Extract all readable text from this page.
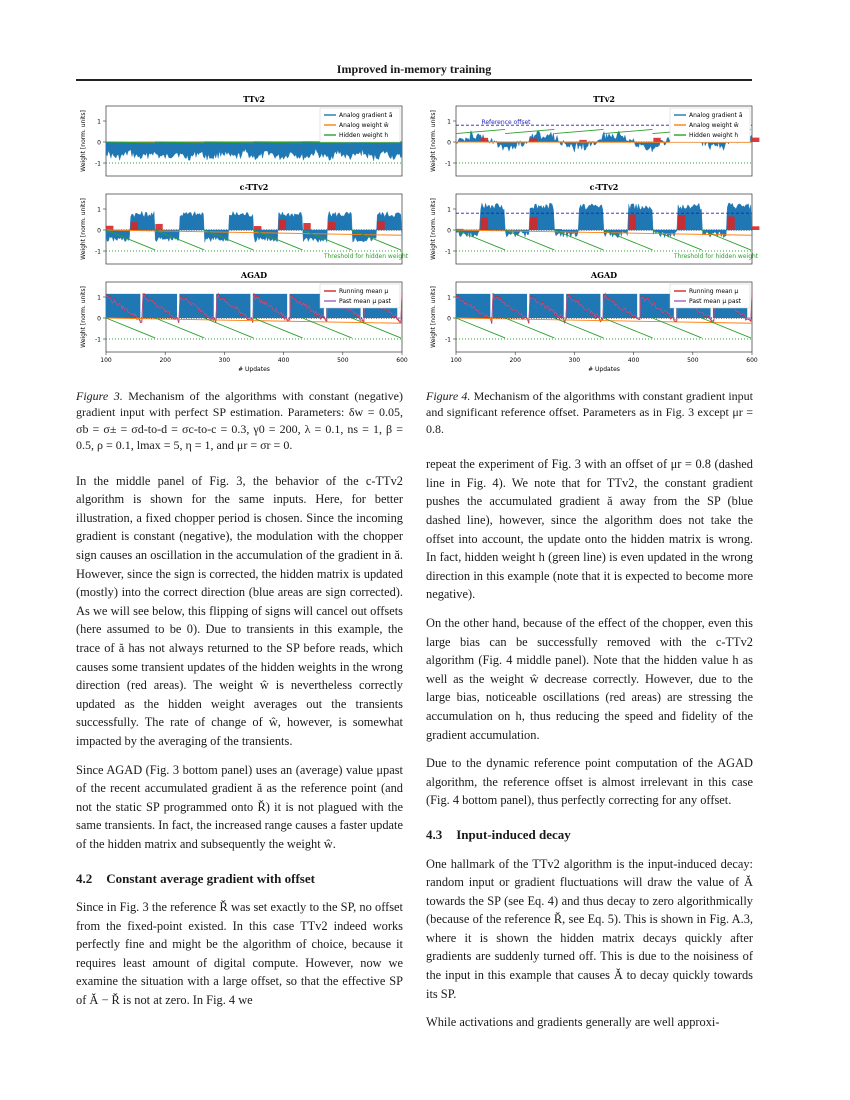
Improved in-memory training
TTv2
1
0
-1
Weight [norm. units]	Analog gradient ă
Analog weight ŵ
Hidden weight h
c-TTv2
1
0
-1
Weight [norm. units]	Threshold for hidden weight
AGAD
1
0
-1
Weight [norm. units]	Running mean μ
Past mean μ past
100	200	300	400	500	600
# Updates
TTv2
1
0
-1
Weight [norm. units]	Reference offset
Analog gradient ă
Analog weight ŵ
Hidden weight h
c-TTv2
1
0
-1
Weight [norm. units]	Threshold for hidden weight
AGAD
1
0
-1
Weight [norm. units]	Running mean μ
Past mean μ past
100	200	300	400	500	600
# Updates

Figure 3. Mechanism of the algorithms with constant (negative) gradient input with perfect SP estimation. Parameters: δw = 0.05, σb = σ± = σd-to-d = σc-to-c = 0.3, γ0 = 200, λ = 0.1, ns = 1, β = 0.5, ρ = 0.1, lmax = 5, η = 1, and μr = σr = 0.

In the middle panel of Fig. 3, the behavior of the c-TTv2 algorithm is shown for the same inputs. Here, for better illustration, a fixed chopper period is chosen. Since the incoming gradient is constant (negative), the modulation with the chopper sign causes an oscillation in the accumulation of the gradient in ă. However, since the sign is corrected, the hidden matrix is updated (mostly) into the correct direction (blue areas are sign corrected). As we will see below, this flipping of signs will cancel out offsets (here assumed to be 0). Due to transients in this example, the trace of ă has not always returned to the SP before reads, which causes some transient updates of the hidden weights in the wrong direction (red areas). The weight ŵ is nevertheless correctly updated as the hidden weight averages out the transients successfully. The rate of change of ŵ, however, is somewhat impacted by the averaging of the transients.

Since AGAD (Fig. 3 bottom panel) uses an (average) value μpast of the recent accumulated gradient ă as the reference point (and not the static SP programmed onto Ř) it is not plagued with the same transients. In fact, the increased range causes a faster update of the hidden matrix and subsequently the weight ŵ.

4.2 Constant average gradient with offset

Since in Fig. 3 the reference Ř was set exactly to the SP, no offset from the fixed-point existed. In this case TTv2 indeed works perfectly fine and might be the algorithm of choice, because it requires least amount of digital compute. However, now we examine the situation with a large offset, so that the effective SP of Ă − Ř is not at zero. In Fig. 4 we

Figure 4. Mechanism of the algorithms with constant gradient input and significant reference offset. Parameters as in Fig. 3 except μr = 0.8.

repeat the experiment of Fig. 3 with an offset of μr = 0.8 (dashed line in Fig. 4). We note that for TTv2, the constant gradient pushes the accumulated gradient ă away from the SP (blue dashed line), however, since the algorithm does not take the offset into account, the update onto the hidden matrix is wrong. In fact, hidden weight h (green line) is even updated in the wrong direction in this example (note that it is expected to become more negative).

On the other hand, because of the effect of the chopper, even this large bias can be successfully removed with the c-TTv2 algorithm (Fig. 4 middle panel). Note that the hidden value h as well as the weight ŵ decrease correctly. However, due to the large bias, noticeable oscillations (red areas) are stressing the accumulation on h, thus reducing the speed and fidelity of the gradient accumulation.

Due to the dynamic reference point computation of the AGAD algorithm, the reference offset is almost irrelevant in this case (Fig. 4 bottom panel), thus perfectly correcting for any offset.

4.3 Input-induced decay

One hallmark of the TTv2 algorithm is the input-induced decay: random input or gradient fluctuations will draw the value of Ă towards the SP (see Eq. 4) and thus decay to zero algorithmically (because of the reference Ř, see Eq. 5). This is shown in Fig. A.3, where it is shown the hidden matrix decays quickly after gradients are suddenly turned off. This is due to the noisiness of the input in this example that causes Ă to decay quickly towards its SP.

While activations and gradients generally are well approxi-
